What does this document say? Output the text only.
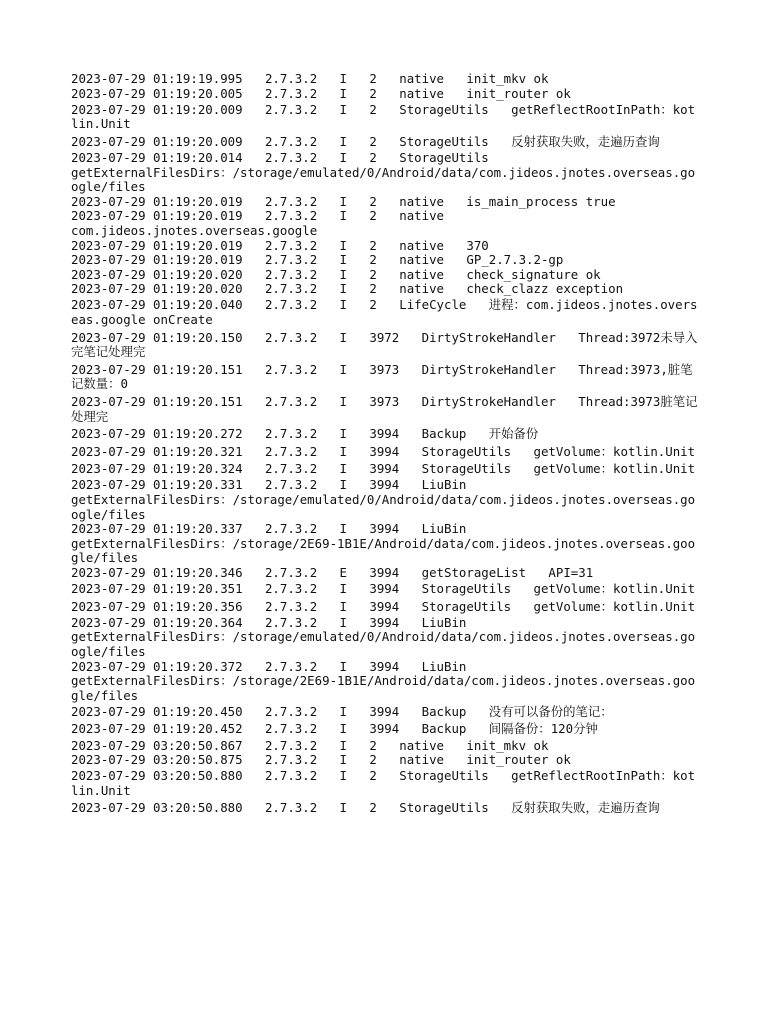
2023-07-29 01:19:19.995   2.7.3.2   I   2   native   init_mkv ok
2023-07-29 01:19:20.005   2.7.3.2   I   2   native   init_router ok
2023-07-29 01:19:20.009   2.7.3.2   I   2   StorageUtils   getReflectRootInPath：kotlin.Unit
2023-07-29 01:19:20.009   2.7.3.2   I   2   StorageUtils   反射获取失败，走遍历查询
2023-07-29 01:19:20.014   2.7.3.2   I   2   StorageUtils
getExternalFilesDirs：/storage/emulated/0/Android/data/com.jideos.jnotes.overseas.google/files
2023-07-29 01:19:20.019   2.7.3.2   I   2   native   is_main_process true
2023-07-29 01:19:20.019   2.7.3.2   I   2   native
com.jideos.jnotes.overseas.google
2023-07-29 01:19:20.019   2.7.3.2   I   2   native   370
2023-07-29 01:19:20.019   2.7.3.2   I   2   native   GP_2.7.3.2-gp
2023-07-29 01:19:20.020   2.7.3.2   I   2   native   check_signature ok
2023-07-29 01:19:20.020   2.7.3.2   I   2   native   check_clazz exception
2023-07-29 01:19:20.040   2.7.3.2   I   2   LifeCycle   进程：com.jideos.jnotes.overseas.google onCreate
2023-07-29 01:19:20.150   2.7.3.2   I   3972   DirtyStrokeHandler   Thread:3972未导入完笔记处理完
2023-07-29 01:19:20.151   2.7.3.2   I   3973   DirtyStrokeHandler   Thread:3973,脏笔记数量：0
2023-07-29 01:19:20.151   2.7.3.2   I   3973   DirtyStrokeHandler   Thread:3973脏笔记处理完
2023-07-29 01:19:20.272   2.7.3.2   I   3994   Backup   开始备份
2023-07-29 01:19:20.321   2.7.3.2   I   3994   StorageUtils   getVolume：kotlin.Unit
2023-07-29 01:19:20.324   2.7.3.2   I   3994   StorageUtils   getVolume：kotlin.Unit
2023-07-29 01:19:20.331   2.7.3.2   I   3994   LiuBin
getExternalFilesDirs：/storage/emulated/0/Android/data/com.jideos.jnotes.overseas.google/files
2023-07-29 01:19:20.337   2.7.3.2   I   3994   LiuBin
getExternalFilesDirs：/storage/2E69-1B1E/Android/data/com.jideos.jnotes.overseas.google/files
2023-07-29 01:19:20.346   2.7.3.2   E   3994   getStorageList   API=31
2023-07-29 01:19:20.351   2.7.3.2   I   3994   StorageUtils   getVolume：kotlin.Unit
2023-07-29 01:19:20.356   2.7.3.2   I   3994   StorageUtils   getVolume：kotlin.Unit
2023-07-29 01:19:20.364   2.7.3.2   I   3994   LiuBin
getExternalFilesDirs：/storage/emulated/0/Android/data/com.jideos.jnotes.overseas.google/files
2023-07-29 01:19:20.372   2.7.3.2   I   3994   LiuBin
getExternalFilesDirs：/storage/2E69-1B1E/Android/data/com.jideos.jnotes.overseas.google/files
2023-07-29 01:19:20.450   2.7.3.2   I   3994   Backup   没有可以备份的笔记：
2023-07-29 01:19:20.452   2.7.3.2   I   3994   Backup   间隔备份：120分钟
2023-07-29 03:20:50.867   2.7.3.2   I   2   native   init_mkv ok
2023-07-29 03:20:50.875   2.7.3.2   I   2   native   init_router ok
2023-07-29 03:20:50.880   2.7.3.2   I   2   StorageUtils   getReflectRootInPath：kotlin.Unit
2023-07-29 03:20:50.880   2.7.3.2   I   2   StorageUtils   反射获取失败，走遍历查询
